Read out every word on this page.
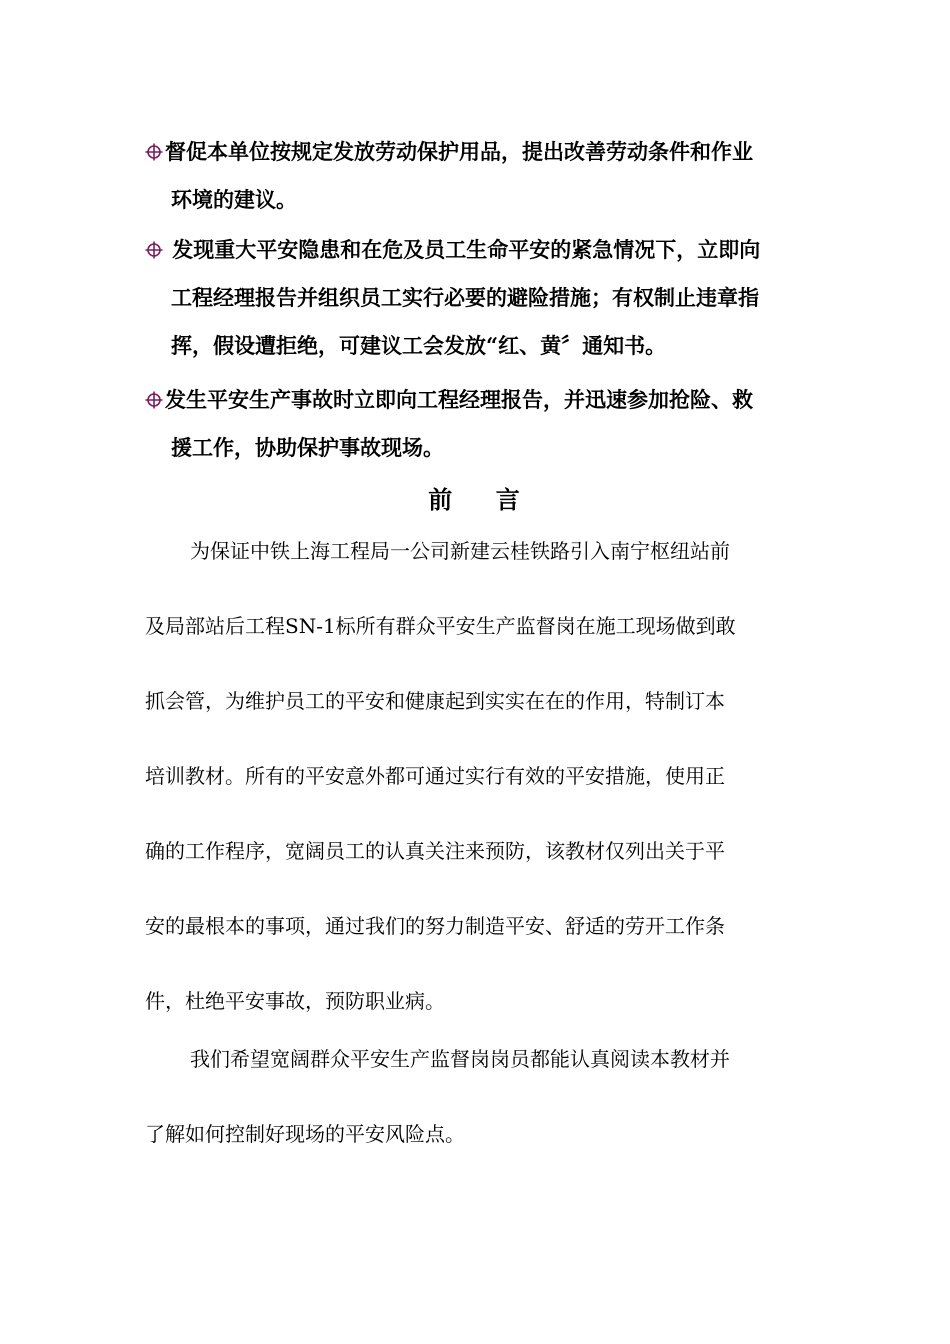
督促本单位按规定发放劳动保护用品，提出改善劳动条件和作业
环境的建议。
发现重大平安隐患和在危及员工生命平安的紧急情况下，立即向
工程经理报告并组织员工实行必要的避险措施；有权制止违章指
挥，假设遭拒绝，可建议工会发放“红、黄〞通知书。
发生平安生产事故时立即向工程经理报告，并迅速参加抢险、救
援工作，协助保护事故现场。
前    言
为保证中铁上海工程局一公司新建云桂铁路引入南宁枢纽站前
及局部站后工程SN-1标所有群众平安生产监督岗在施工现场做到敢
抓会管，为维护员工的平安和健康起到实实在在的作用，特制订本
培训教材。所有的平安意外都可通过实行有效的平安措施，使用正
确的工作程序，宽阔员工的认真关注来预防，该教材仅列出关于平
安的最根本的事项，通过我们的努力制造平安、舒适的劳开工作条
件，杜绝平安事故，预防职业病。
我们希望宽阔群众平安生产监督岗岗员都能认真阅读本教材并
了解如何控制好现场的平安风险点。
